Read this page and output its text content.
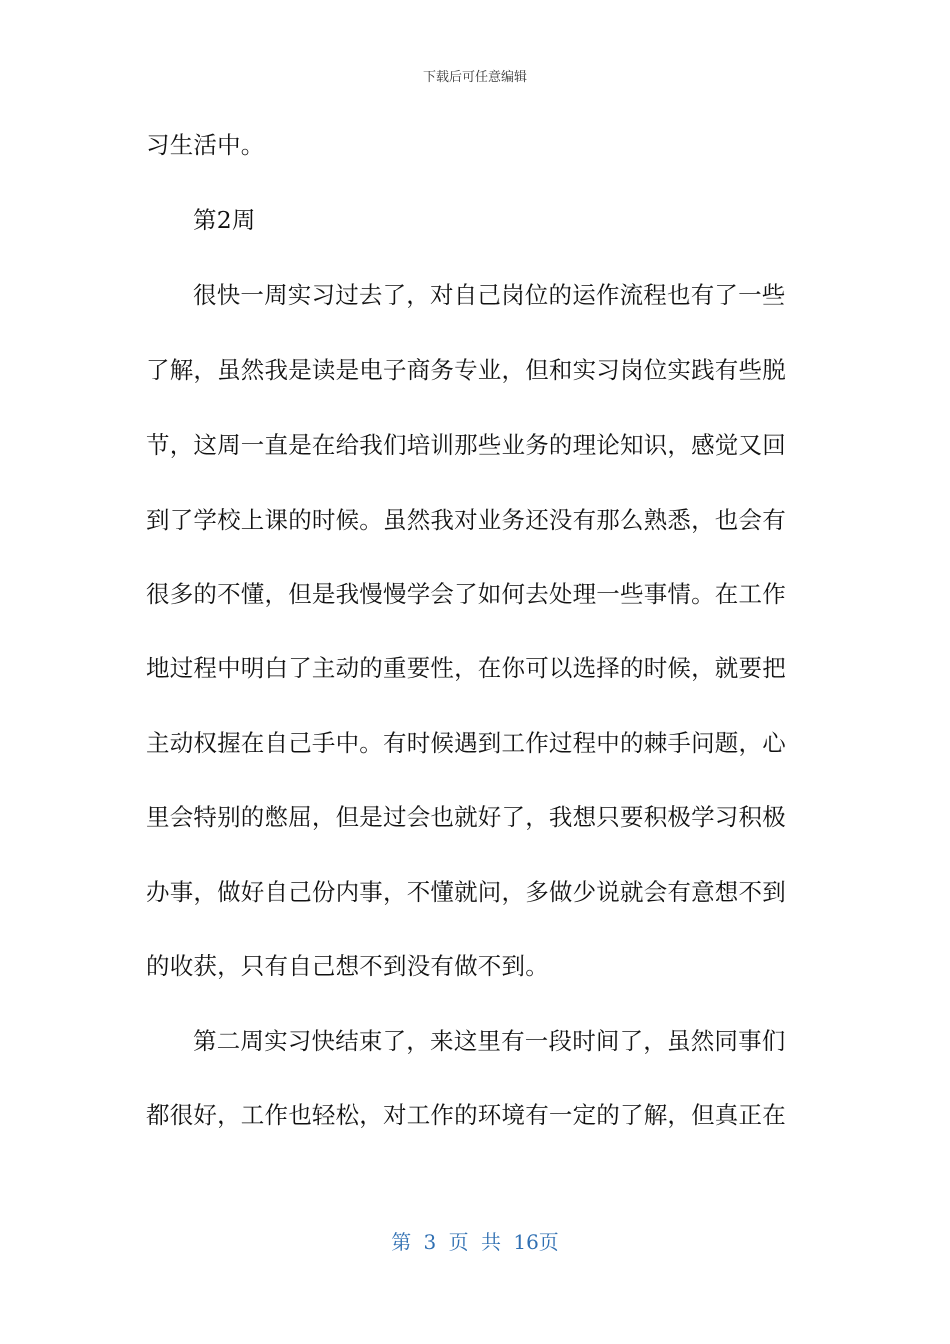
下载后可任意编辑
习生活中。
第2周
很快一周实习过去了，对自己岗位的运作流程也有了一些
了解，虽然我是读是电子商务专业，但和实习岗位实践有些脱
节，这周一直是在给我们培训那些业务的理论知识，感觉又回
到了学校上课的时候。虽然我对业务还没有那么熟悉，也会有
很多的不懂，但是我慢慢学会了如何去处理一些事情。在工作
地过程中明白了主动的重要性，在你可以选择的时候，就要把
主动权握在自己手中。有时候遇到工作过程中的棘手问题，心
里会特别的憋屈，但是过会也就好了，我想只要积极学习积极
办事，做好自己份内事，不懂就问，多做少说就会有意想不到
的收获，只有自己想不到没有做不到。
第二周实习快结束了，来这里有一段时间了，虽然同事们
都很好，工作也轻松，对工作的环境有一定的了解，但真正在
第 3 页 共 16页
